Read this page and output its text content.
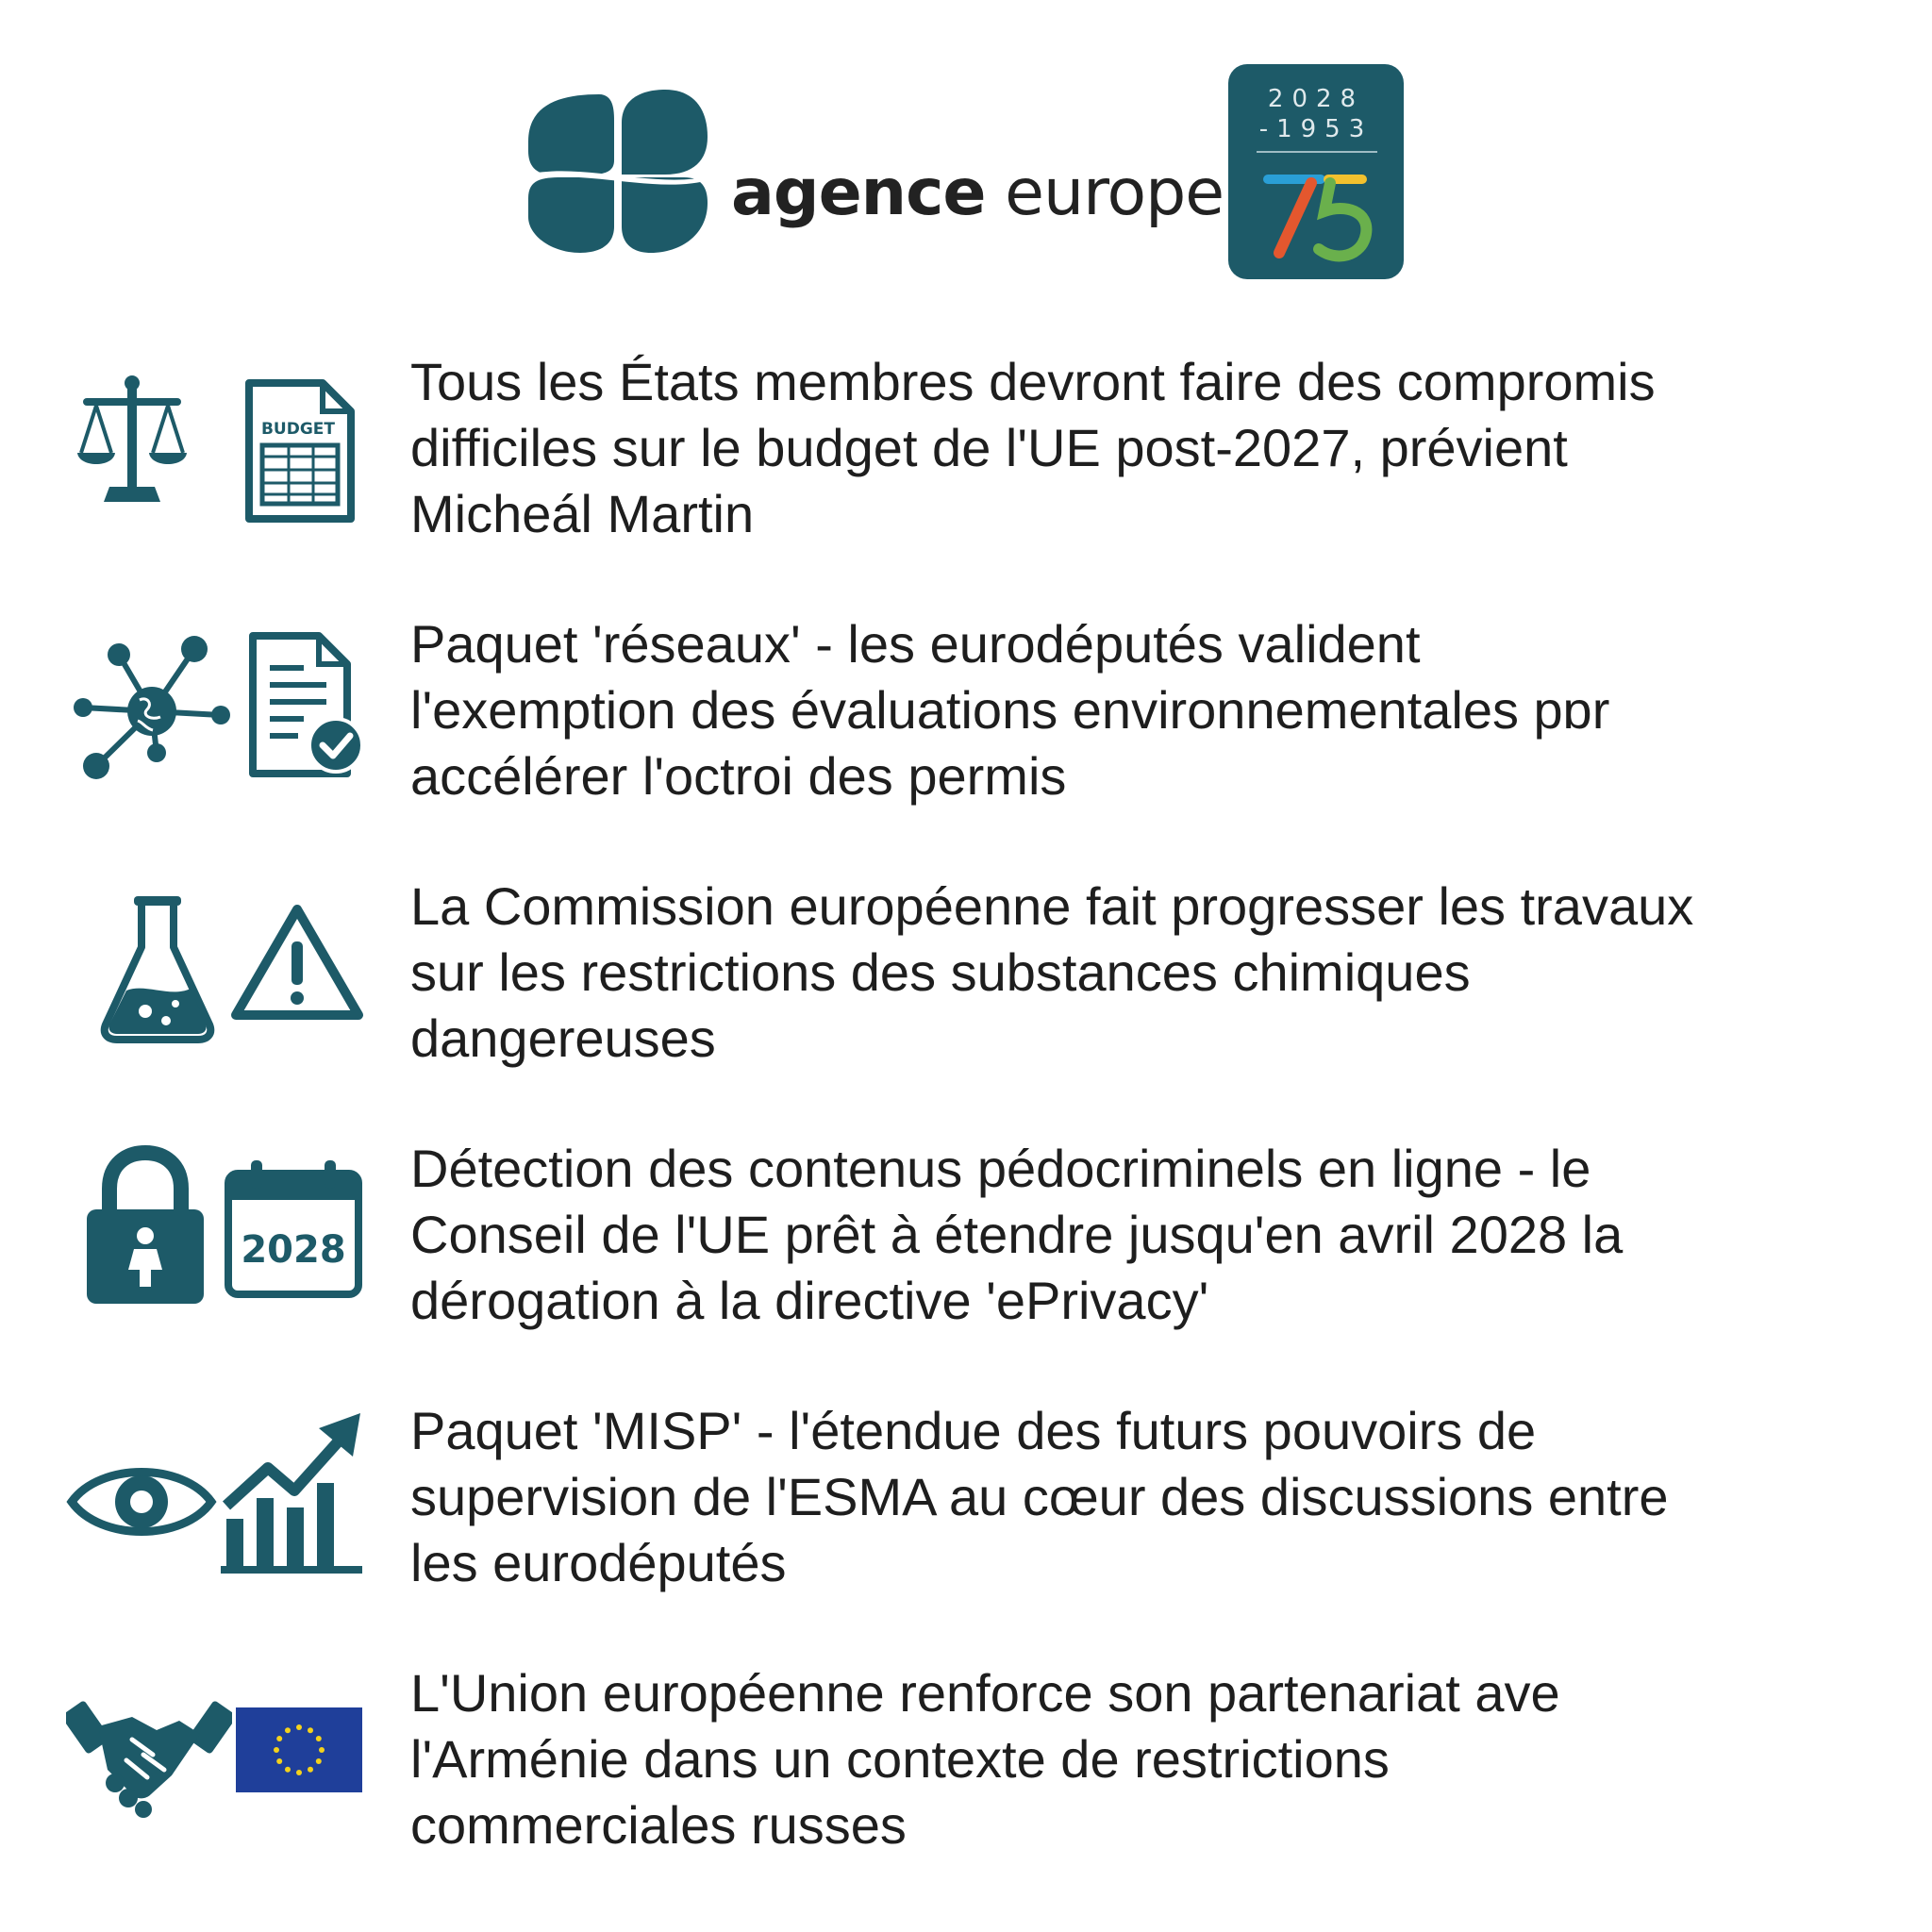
agence europe
2028
-1953
BUDGET
Tous les États membres devront faire des compromis
difficiles sur le budget de l'UE post-2027, prévient
Micheál Martin
Paquet 'réseaux' - les eurodéputés valident
l'exemption des évaluations environnementales pɒr
accélérer l'octroi des permis
La Commission européenne fait progresser les travaux
sur les restrictions des substances chimiques
dangereuses
2028
Détection des contenus pédocriminels en ligne - le
Conseil de l'UE prêt à étendre jusqu'en avril 2028 la
dérogation à la directive 'ePrivacy'
Paquet 'MISP' - l'étendue des futurs pouvoirs de
supervision de l'ESMA au cœur des discussions entre
les eurodéputés
L'Union européenne renforce son partenariat ave
l'Arménie dans un contexte de restrictions
commerciales russes
